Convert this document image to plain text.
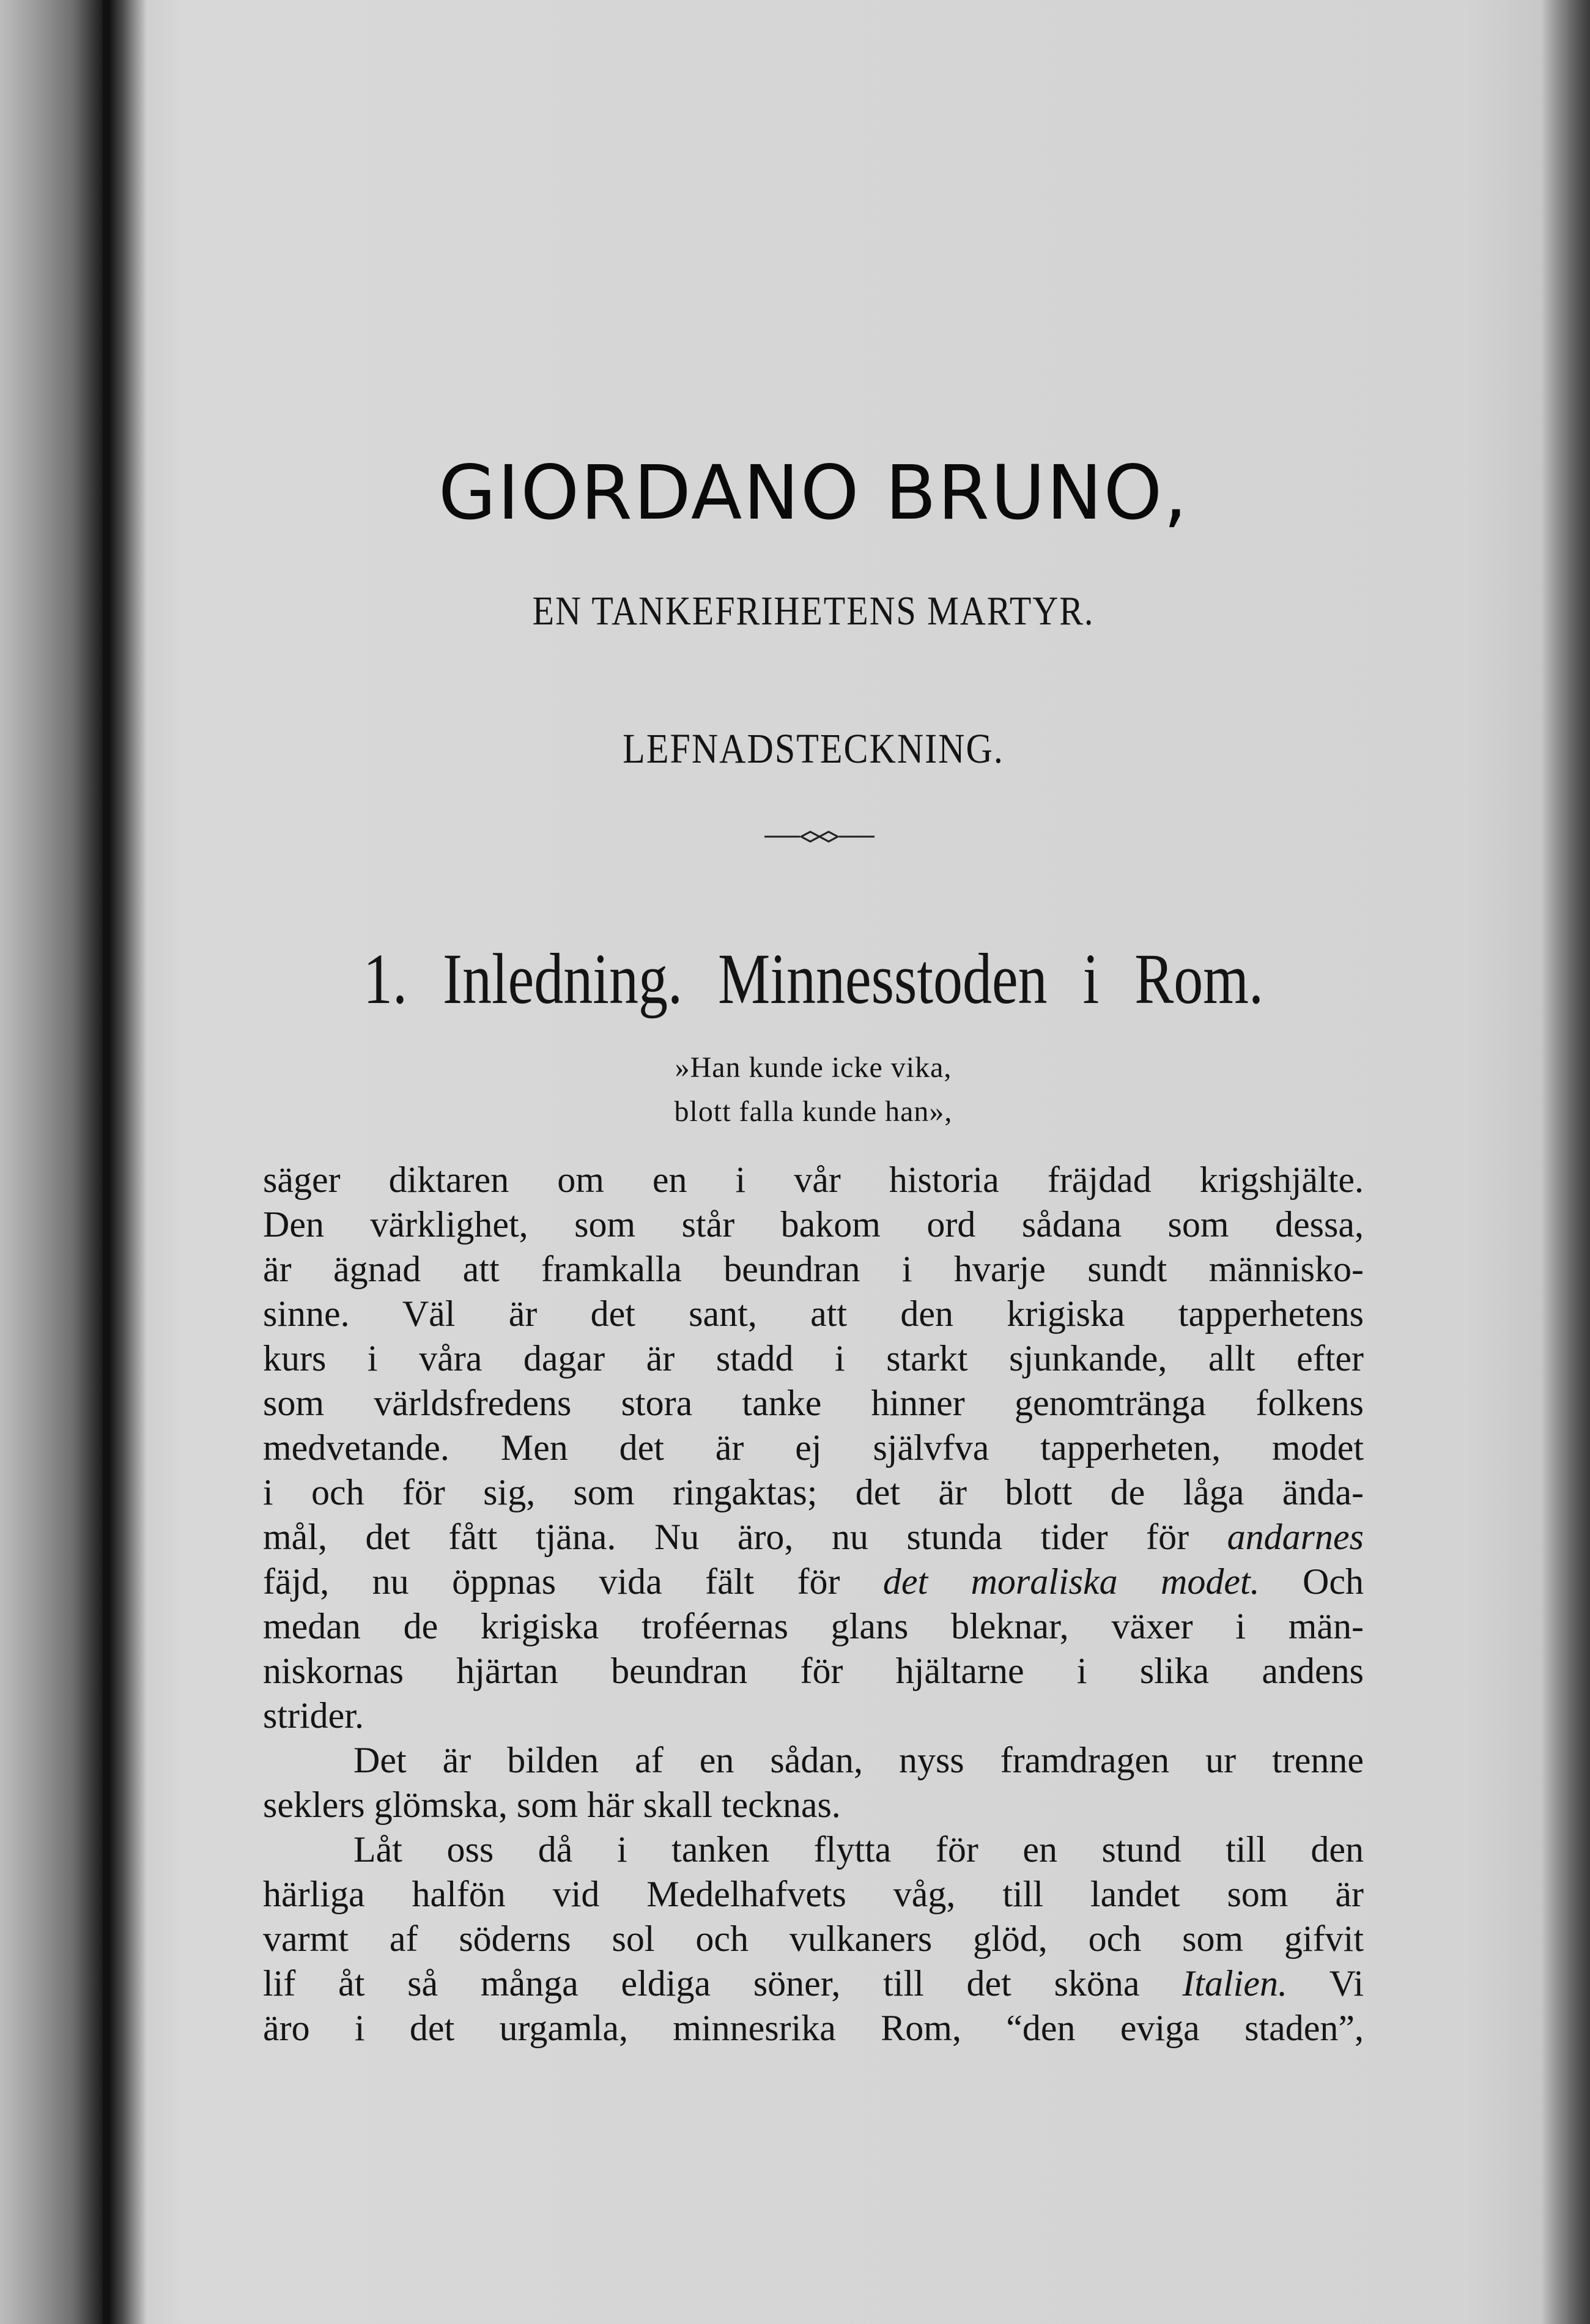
GIORDANO BRUNO,
EN TANKEFRIHETENS MARTYR.
LEFNADSTECKNING.
1. Inledning. Minnesstoden i Rom.
»Han kunde icke vika,
blott falla kunde han»,
säger diktaren om en i vår historia fräjdad krigshjälte.
Den värklighet, som står bakom ord sådana som dessa,
är ägnad att framkalla beundran i hvarje sundt människo-
sinne. Väl är det sant, att den krigiska tapperhetens
kurs i våra dagar är stadd i starkt sjunkande, allt efter
som världsfredens stora tanke hinner genomtränga folkens
medvetande. Men det är ej självfva tapperheten, modet
i och för sig, som ringaktas; det är blott de låga ända-
mål, det fått tjäna. Nu äro, nu stunda tider för andarnes
fäjd, nu öppnas vida fält för det moraliska modet. Och
medan de krigiska troféernas glans bleknar, växer i män-
niskornas hjärtan beundran för hjältarne i slika andens
strider.
Det är bilden af en sådan, nyss framdragen ur trenne
seklers glömska, som här skall tecknas.
Låt oss då i tanken flytta för en stund till den
härliga halfön vid Medelhafvets våg, till landet som är
varmt af söderns sol och vulkaners glöd, och som gifvit
lif åt så många eldiga söner, till det sköna Italien. Vi
äro i det urgamla, minnesrika Rom, “den eviga staden”,
